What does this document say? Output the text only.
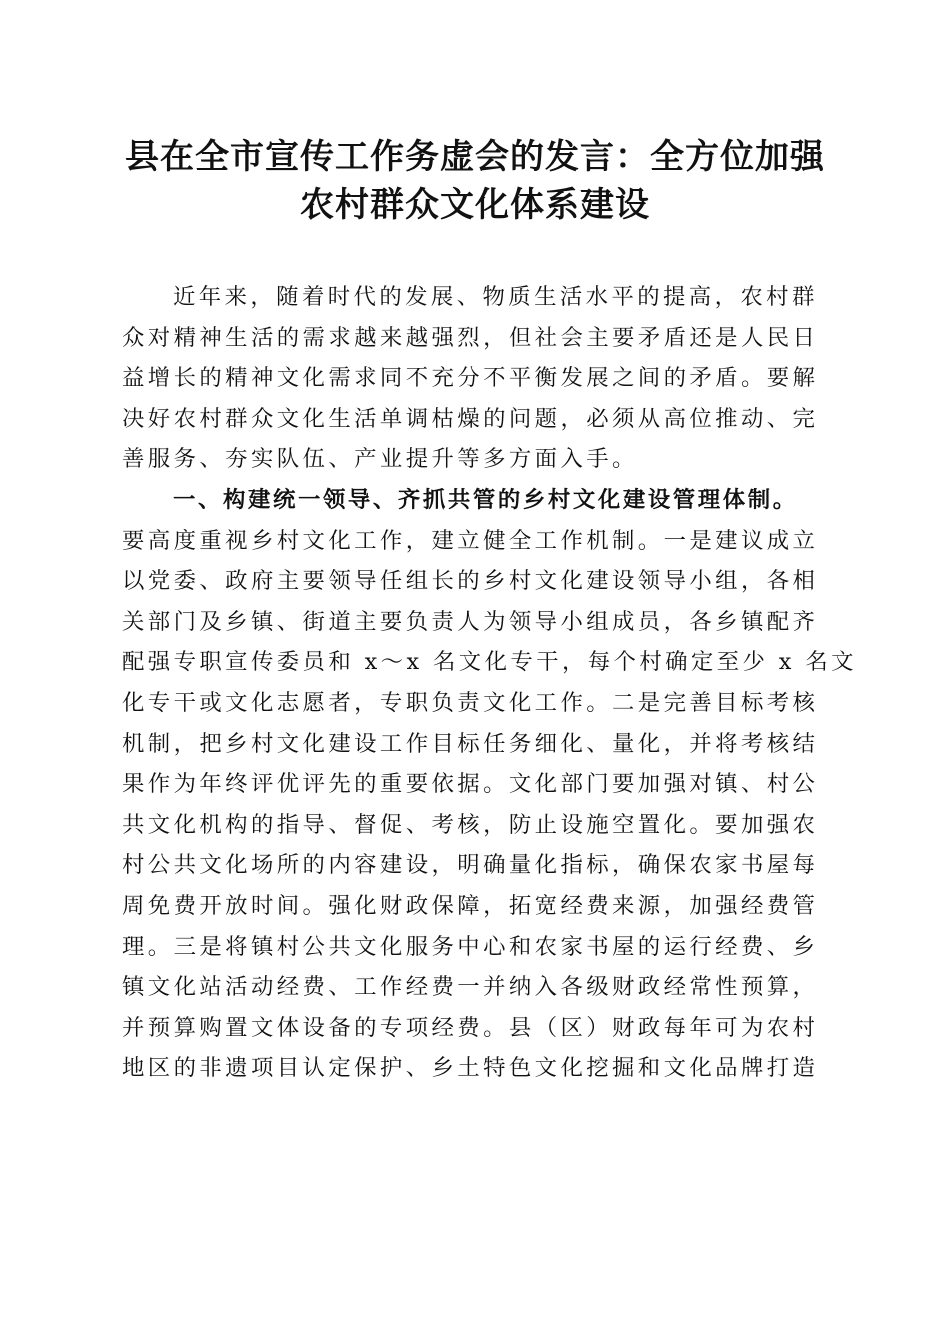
县在全市宣传工作务虚会的发言：全方位加强
农村群众文化体系建设
近年来，随着时代的发展、物质生活水平的提高，农村群
众对精神生活的需求越来越强烈，但社会主要矛盾还是人民日
益增长的精神文化需求同不充分不平衡发展之间的矛盾。要解
决好农村群众文化生活单调枯燥的问题，必须从高位推动、完
善服务、夯实队伍、产业提升等多方面入手。
一、构建统一领导、齐抓共管的乡村文化建设管理体制。
要高度重视乡村文化工作，建立健全工作机制。一是建议成立
以党委、政府主要领导任组长的乡村文化建设领导小组，各相
关部门及乡镇、街道主要负责人为领导小组成员，各乡镇配齐
配强专职宣传委员和 x～x 名文化专干，每个村确定至少 x 名文
化专干或文化志愿者，专职负责文化工作。二是完善目标考核
机制，把乡村文化建设工作目标任务细化、量化，并将考核结
果作为年终评优评先的重要依据。文化部门要加强对镇、村公
共文化机构的指导、督促、考核，防止设施空置化。要加强农
村公共文化场所的内容建设，明确量化指标，确保农家书屋每
周免费开放时间。强化财政保障，拓宽经费来源，加强经费管
理。三是将镇村公共文化服务中心和农家书屋的运行经费、乡
镇文化站活动经费、工作经费一并纳入各级财政经常性预算，
并预算购置文体设备的专项经费。县（区）财政每年可为农村
地区的非遗项目认定保护、乡土特色文化挖掘和文化品牌打造
